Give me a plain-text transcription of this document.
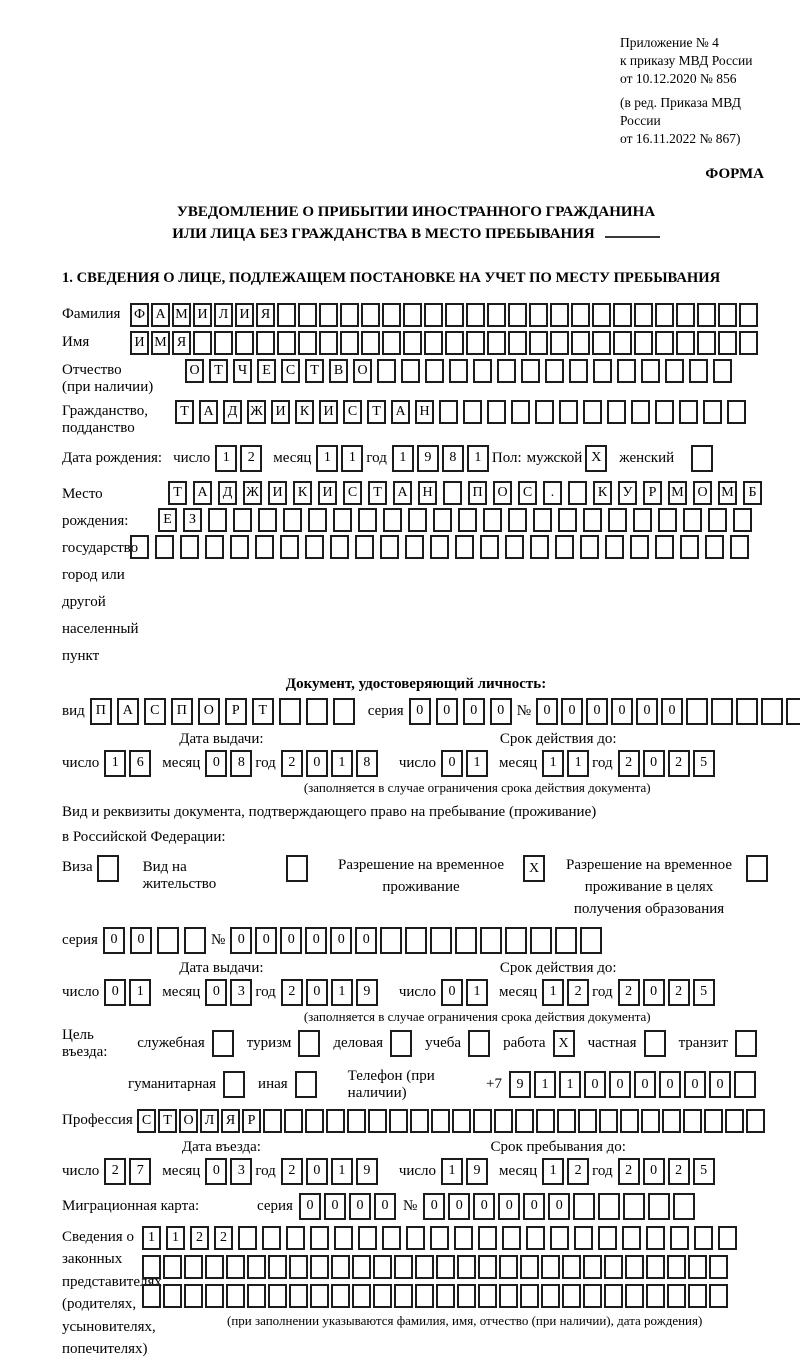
Приложение № 4
к приказу МВД России
от 10.12.2020 № 856
(в ред. Приказа МВД России
от 16.11.2022 № 867)
ФОРМА
УВЕДОМЛЕНИЕ О ПРИБЫТИИ ИНОСТРАННОГО ГРАЖДАНИНА
ИЛИ ЛИЦА БЕЗ ГРАЖДАНСТВА В МЕСТО ПРЕБЫВАНИЯ
1. СВЕДЕНИЯ О ЛИЦЕ, ПОДЛЕЖАЩЕМ ПОСТАНОВКЕ НА УЧЕТ ПО МЕСТУ ПРЕБЫВАНИЯ
Фамилия Ф А М И Л И Я
Имя	И М Я
Отчество
(при наличии)
О	Т	Ч	Е	С	Т	В	О
Гражданство,
подданство
Т	А	Д Ж И	К	И	С	Т	А Н
Дата рождения: число 1	2	месяц 1	1 год 1	9	8	1 Пол: мужской X	женский
Место рождения:
государство
город или другой
населенный пункт
Т	А	Д Ж И	К	И	С	Т	А	Н	П	О	С	.	К	У	Р	М О М	Б
Е	З
Документ, удостоверяющий личность:
вид П	А	С	П	О	Р	Т	серия 0	0	0	0 № 0	0	0	0	0	0
Дата выдачи:
число 1	6	месяц 0	8 год 2	0	1	8
Срок действия до:
число 0	1	месяц 1	1 год 2	0	2	5
(заполняется в случае ограничения срока действия документа)
Вид и реквизиты документа, подтверждающего право на пребывание (проживание)
в Российской Федерации:
Виза	Вид на жительство
Разрешение на временное проживание
X	Разрешение на временное проживание в целях получения образования
серия 0	0	№ 0	0	0	0	0	0
Дата выдачи:
число 0	1	месяц 0	3 год 2	0	1	9
Срок действия до:
число 0	1	месяц 1	2 год 2	0	2	5
(заполняется в случае ограничения срока действия документа)
Цель въезда:
служебная	туризм	деловая	учеба	работа X	частная	транзит
гуманитарная	иная
Телефон (при наличии)
+7	9	1	1	0	0	0	0	0	0
Профессия С Т О Л Я Р
Дата въезда:
число 2	7	месяц 0	3 год 2	0	1	9
Срок пребывания до:
число 1	9	месяц 1	2 год 2	0	2	5
Миграционная карта:	серия 0	0	0	0 № 0	0	0	0	0	0
Сведения о
законных
представителях
(родителях,
усыновителях,
попечителях)
1	1	2	2
(при заполнении указываются фамилия, имя, отчество (при наличии), дата рождения)
